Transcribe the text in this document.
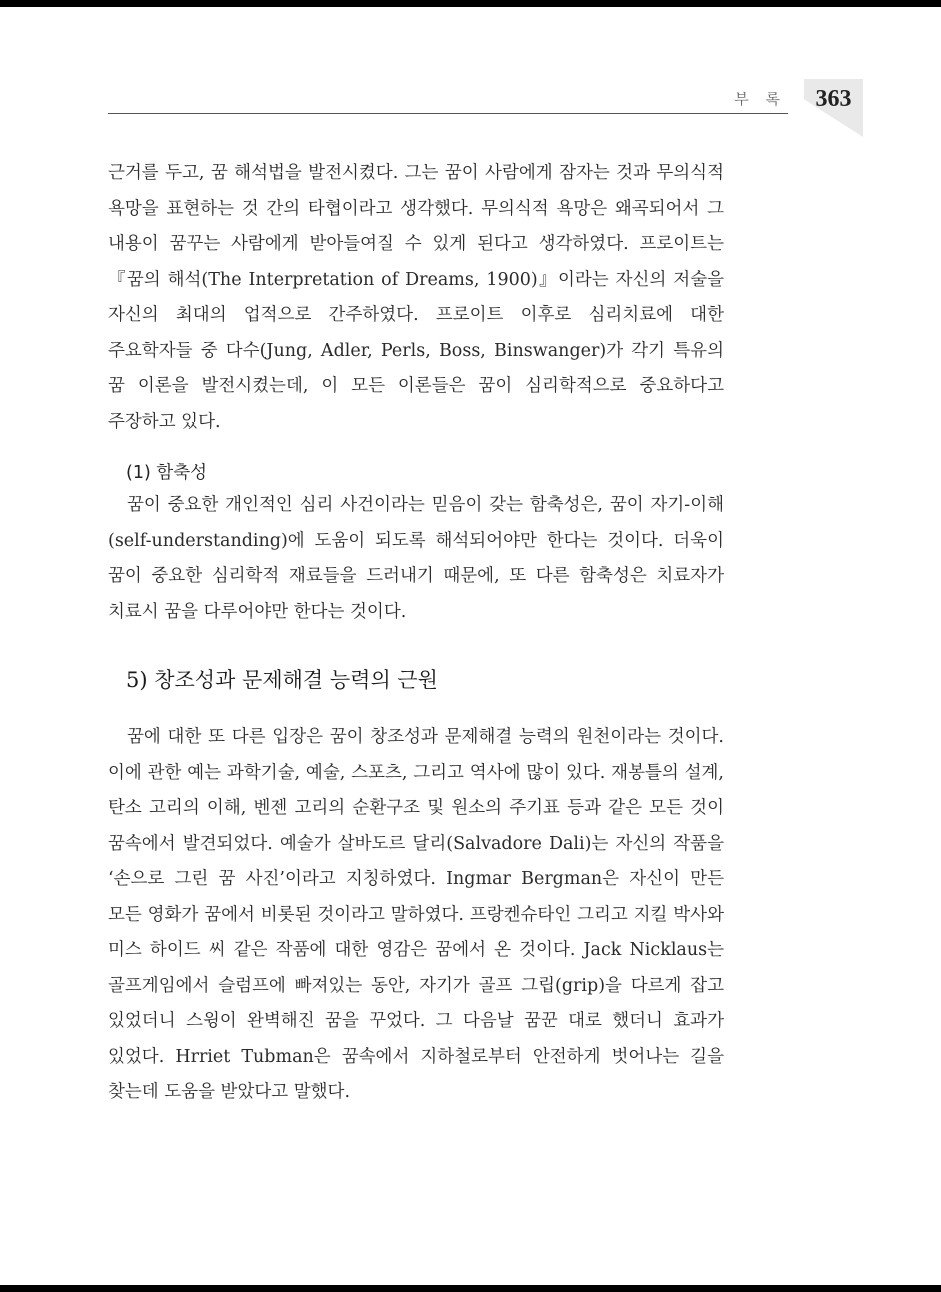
부 록	363

근거를 두고, 꿈 해석법을 발전시켰다. 그는 꿈이 사람에게 잠자는 것과 무의식적 욕망을 표현하는 것 간의 타협이라고 생각했다. 무의식적 욕망은 왜곡되어서 그 내용이 꿈꾸는 사람에게 받아들여질 수 있게 된다고 생각하였다. 프로이트는『꿈의 해석(The Interpretation of Dreams, 1900)』이라는 자신의 저술을 자신의 최대의 업적으로 간주하였다. 프로이트 이후로 심리치료에 대한 주요학자들 중 다수(Jung, Adler, Perls, Boss, Binswanger)가 각기 특유의 꿈 이론을 발전시켰는데, 이 모든 이론들은 꿈이 심리학적으로 중요하다고 주장하고 있다.

(1) 함축성

꿈이 중요한 개인적인 심리 사건이라는 믿음이 갖는 함축성은, 꿈이 자기-이해(self-understanding)에 도움이 되도록 해석되어야만 한다는 것이다. 더욱이 꿈이 중요한 심리학적 재료들을 드러내기 때문에, 또 다른 함축성은 치료자가 치료시 꿈을 다루어야만 한다는 것이다.

5) 창조성과 문제해결 능력의 근원

꿈에 대한 또 다른 입장은 꿈이 창조성과 문제해결 능력의 원천이라는 것이다. 이에 관한 예는 과학기술, 예술, 스포츠, 그리고 역사에 많이 있다. 재봉틀의 설계, 탄소 고리의 이해, 벤젠 고리의 순환구조 및 원소의 주기표 등과 같은 모든 것이 꿈속에서 발견되었다. 예술가 살바도르 달리(Salvadore Dali)는 자신의 작품을 ‘손으로 그린 꿈 사진’이라고 지칭하였다. Ingmar Bergman은 자신이 만든 모든 영화가 꿈에서 비롯된 것이라고 말하였다. 프랑켄슈타인 그리고 지킬 박사와 미스 하이드 씨 같은 작품에 대한 영감은 꿈에서 온 것이다. Jack Nicklaus는 골프게임에서 슬럼프에 빠져있는 동안, 자기가 골프 그립(grip)을 다르게 잡고 있었더니 스윙이 완벽해진 꿈을 꾸었다. 그 다음날 꿈꾼 대로 했더니 효과가 있었다. Hrriet Tubman은 꿈속에서 지하철로부터 안전하게 벗어나는 길을 찾는데 도움을 받았다고 말했다.
